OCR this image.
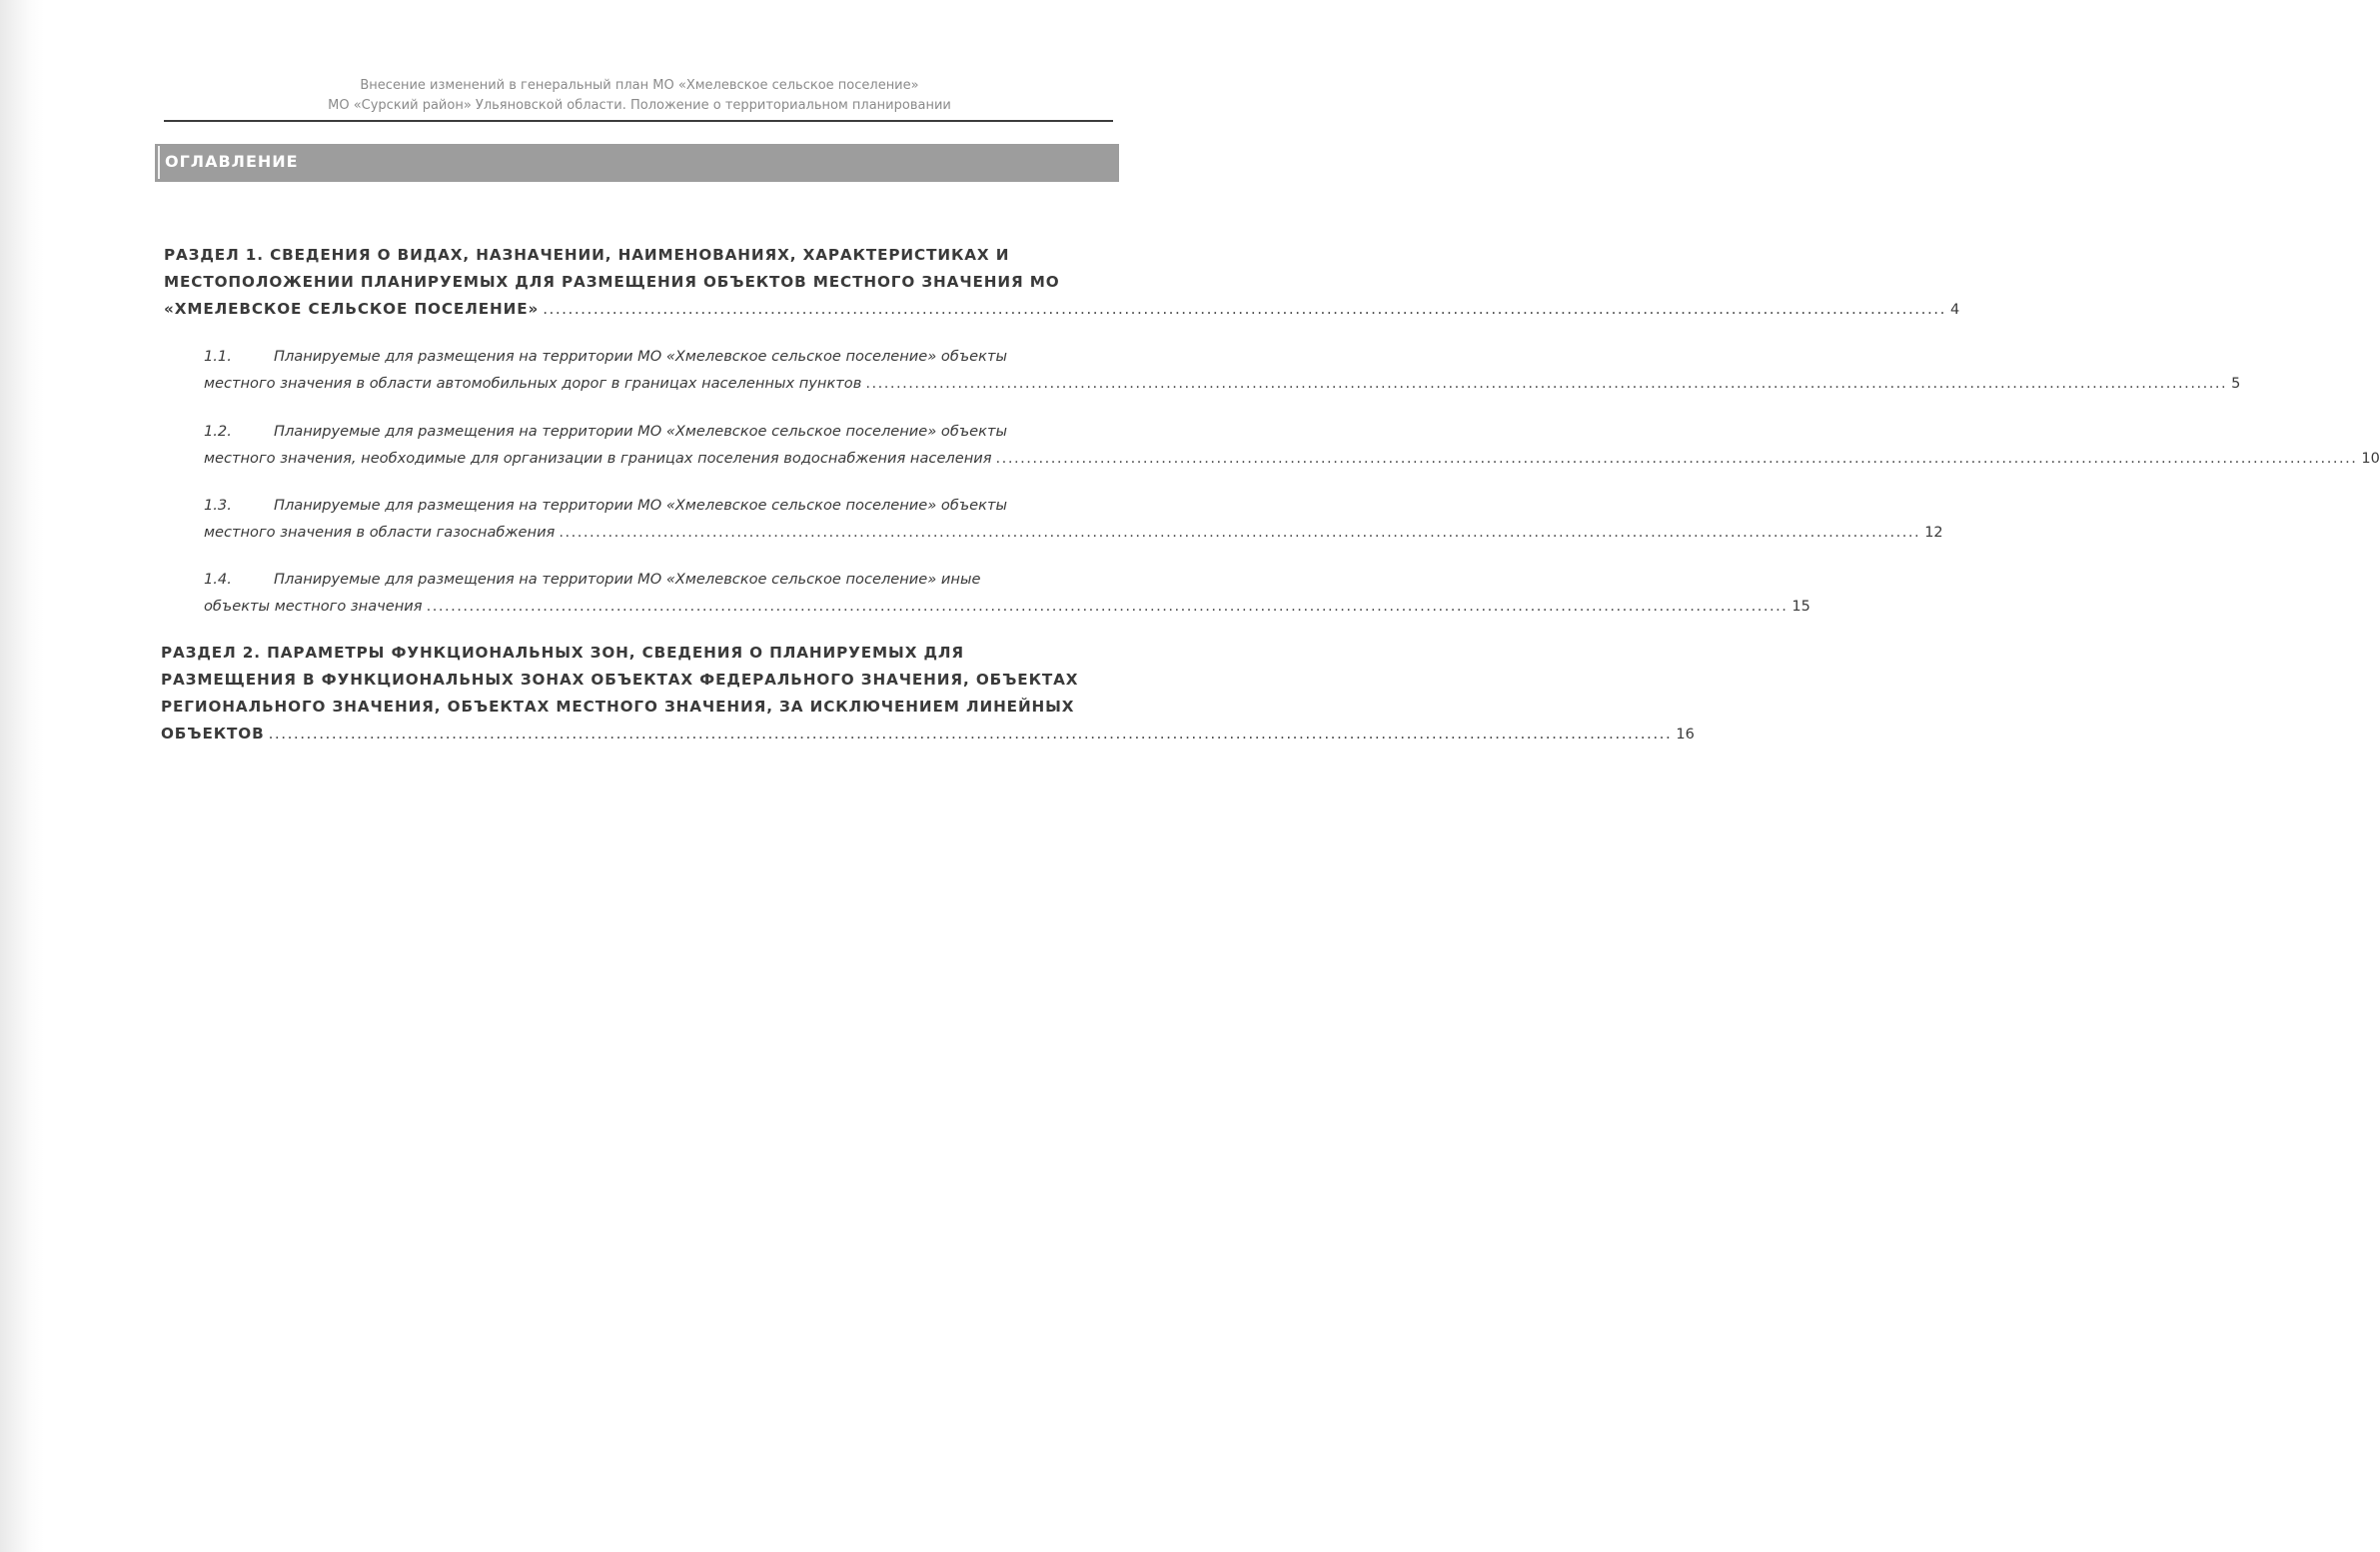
Внесение изменений в генеральный план МО «Хмелевское сельское поселение»
МО «Сурский район» Ульяновской области. Положение о территориальном планировании
ОГЛАВЛЕНИЕ
РАЗДЕЛ 1. СВЕДЕНИЯ О ВИДАХ, НАЗНАЧЕНИИ, НАИМЕНОВАНИЯХ, ХАРАКТЕРИСТИКАХ И
МЕСТОПОЛОЖЕНИИ ПЛАНИРУЕМЫХ ДЛЯ РАЗМЕЩЕНИЯ ОБЪЕКТОВ МЕСТНОГО ЗНАЧЕНИЯ МО
«ХМЕЛЕВСКОЕ СЕЛЬСКОЕ ПОСЕЛЕНИЕ» .............................................................................................................................................................................................................................. 4
1.1.	Планируемые для размещения на территории МО «Хмелевское сельское поселение» объекты
местного значения в области автомобильных дорог в границах населенных пунктов .............................................................................................................................................................................................................................. 5
1.2.	Планируемые для размещения на территории МО «Хмелевское сельское поселение» объекты
местного значения, необходимые для организации в границах поселения водоснабжения населения .............................................................................................................................................................................................................................. 10
1.3.	Планируемые для размещения на территории МО «Хмелевское сельское поселение» объекты
местного значения в области газоснабжения .............................................................................................................................................................................................................................. 12
1.4.	Планируемые для размещения на территории МО «Хмелевское сельское поселение» иные
объекты местного значения .............................................................................................................................................................................................................................. 15
РАЗДЕЛ 2. ПАРАМЕТРЫ ФУНКЦИОНАЛЬНЫХ ЗОН, СВЕДЕНИЯ О ПЛАНИРУЕМЫХ ДЛЯ
РАЗМЕЩЕНИЯ В ФУНКЦИОНАЛЬНЫХ ЗОНАХ ОБЪЕКТАХ ФЕДЕРАЛЬНОГО ЗНАЧЕНИЯ, ОБЪЕКТАХ
РЕГИОНАЛЬНОГО ЗНАЧЕНИЯ, ОБЪЕКТАХ МЕСТНОГО ЗНАЧЕНИЯ, ЗА ИСКЛЮЧЕНИЕМ ЛИНЕЙНЫХ
ОБЪЕКТОВ .............................................................................................................................................................................................................................. 16
